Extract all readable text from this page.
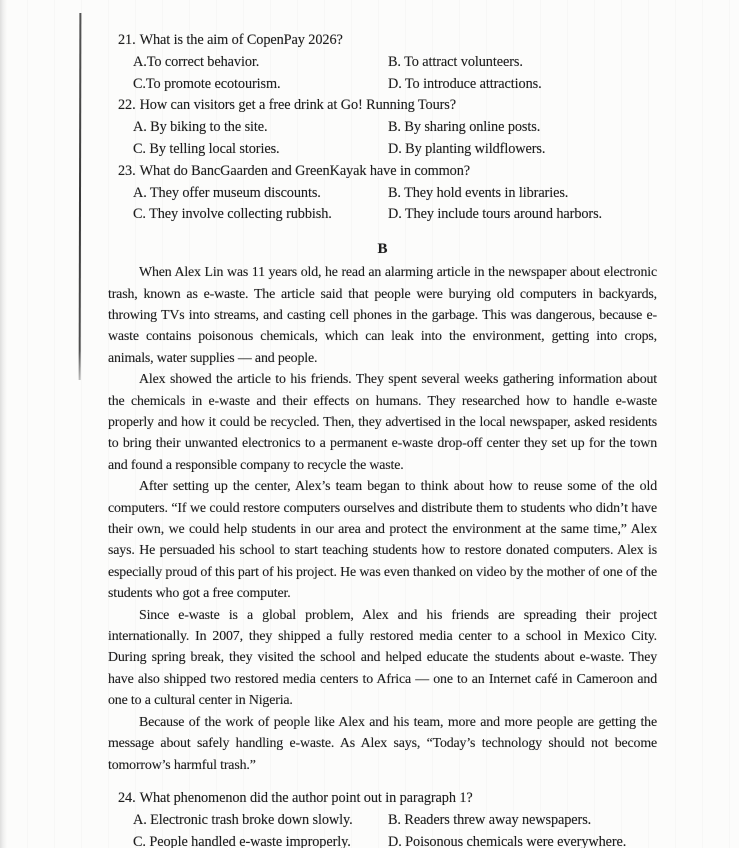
21. What is the aim of CopenPay 2026?
A.To correct behavior.	B. To attract volunteers.
C.To promote ecotourism.	D. To introduce attractions.
22. How can visitors get a free drink at Go! Running Tours?
A. By biking to the site.	B. By sharing online posts.
C. By telling local stories.	D. By planting wildflowers.
23. What do BancGaarden and GreenKayak have in common?
A. They offer museum discounts.	B. They hold events in libraries.
C. They involve collecting rubbish.	D. They include tours around harbors.
B

When Alex Lin was 11 years old, he read an alarming article in the newspaper about electronic trash, known as e-waste. The article said that people were burying old computers in backyards, throwing TVs into streams, and casting cell phones in the garbage. This was dangerous, because e-waste contains poisonous chemicals, which can leak into the environment, getting into crops, animals, water supplies — and people.

Alex showed the article to his friends. They spent several weeks gathering information about the chemicals in e-waste and their effects on humans. They researched how to handle e-waste properly and how it could be recycled. Then, they advertised in the local newspaper, asked residents to bring their unwanted electronics to a permanent e-waste drop-off center they set up for the town and found a responsible company to recycle the waste.

After setting up the center, Alex’s team began to think about how to reuse some of the old computers. “If we could restore computers ourselves and distribute them to students who didn’t have their own, we could help students in our area and protect the environment at the same time,” Alex says. He persuaded his school to start teaching students how to restore donated computers. Alex is especially proud of this part of his project. He was even thanked on video by the mother of one of the students who got a free computer.

Since e-waste is a global problem, Alex and his friends are spreading their project internationally. In 2007, they shipped a fully restored media center to a school in Mexico City. During spring break, they visited the school and helped educate the students about e-waste. They have also shipped two restored media centers to Africa — one to an Internet café in Cameroon and one to a cultural center in Nigeria.

Because of the work of people like Alex and his team, more and more people are getting the message about safely handling e-waste. As Alex says, “Today’s technology should not become tomorrow’s harmful trash.”

24. What phenomenon did the author point out in paragraph 1?
A. Electronic trash broke down slowly.	B. Readers threw away newspapers.
C. People handled e-waste improperly.	D. Poisonous chemicals were everywhere.
